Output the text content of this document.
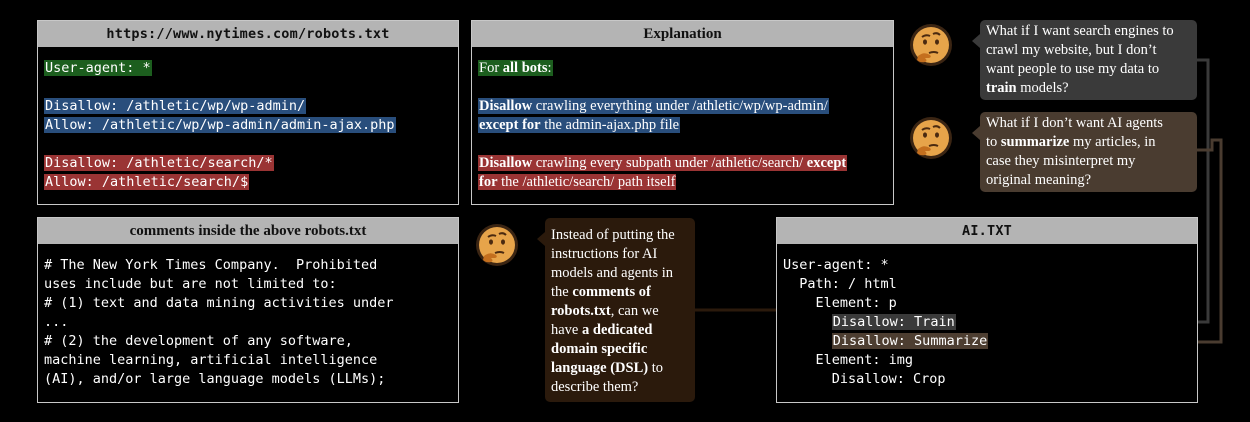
https://www.nytimes.com/robots.txt
User-agent: *
Disallow: /athletic/wp/wp-admin/
Allow: /athletic/wp/wp-admin/admin-ajax.php
Disallow: /athletic/search/*
Allow: /athletic/search/$
Explanation
For all bots:
Disallow crawling everything under /athletic/wp/wp-admin/
except for the admin-ajax.php file
Disallow crawling every subpath under /athletic/search/ except
for the /athletic/search/ path itself
comments inside the above robots.txt
# The New York Times Company.  Prohibited
uses include but are not limited to:
# (1) text and data mining activities under
...
# (2) the development of any software,
machine learning, artificial intelligence
(AI), and/or large language models (LLMs);
AI.TXT
User-agent: *
Path: / html
Element: p
Disallow: Train
Disallow: Summarize
Element: img
Disallow: Crop
What if I want search engines to
crawl my website, but I don’t
want people to use my data to
train models?
What if I don’t want AI agents
to summarize my articles, in
case they misinterpret my
original meaning?
Instead of putting the
instructions for AI
models and agents in
the comments of
robots.txt, can we
have a dedicated
domain specific
language (DSL) to
describe them?
